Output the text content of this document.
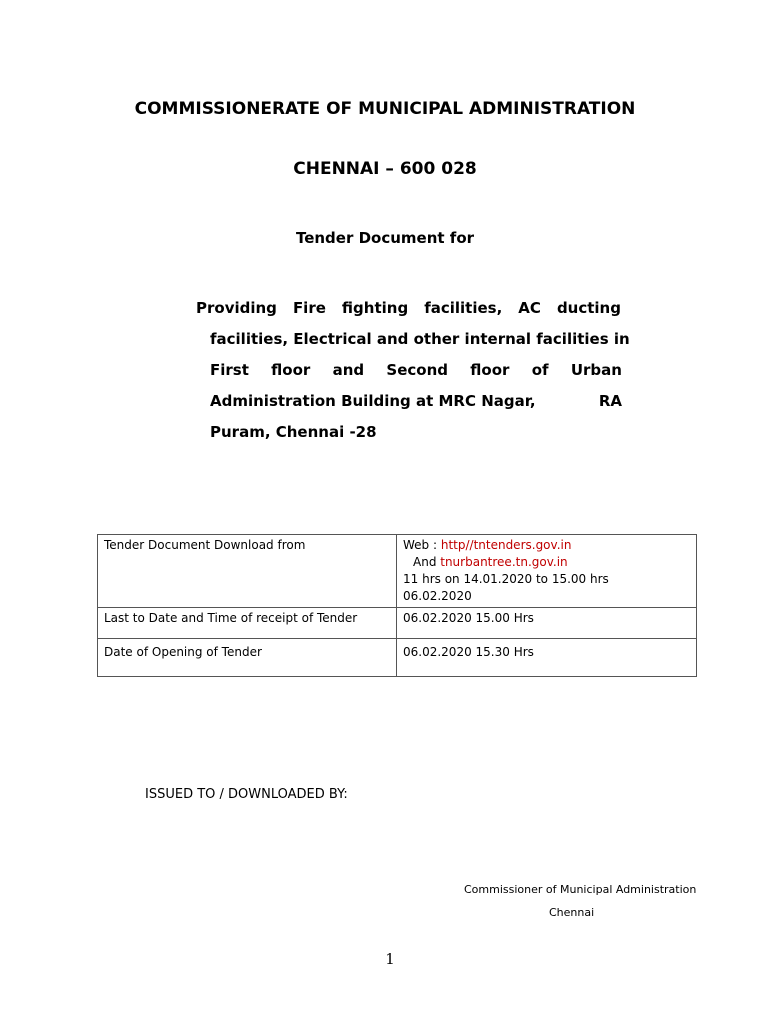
COMMISSIONERATE OF MUNICIPAL ADMINISTRATION
CHENNAI – 600 028
Tender Document for
Providing Fire fighting facilities, AC ducting
facilities, Electrical and other internal facilities in
First floor and Second floor of Urban
Administration Building at MRC Nagar,	RA
Puram, Chennai -28
Tender Document Download from	Web : http//tntenders.gov.in
And tnurbantree.tn.gov.in
11 hrs on 14.01.2020 to 15.00 hrs
06.02.2020

Last to Date and Time of receipt of Tender	06.02.2020 15.00 Hrs
Date of Opening of Tender	06.02.2020 15.30 Hrs
ISSUED TO / DOWNLOADED BY:
Commissioner of Municipal Administration
Chennai
1
